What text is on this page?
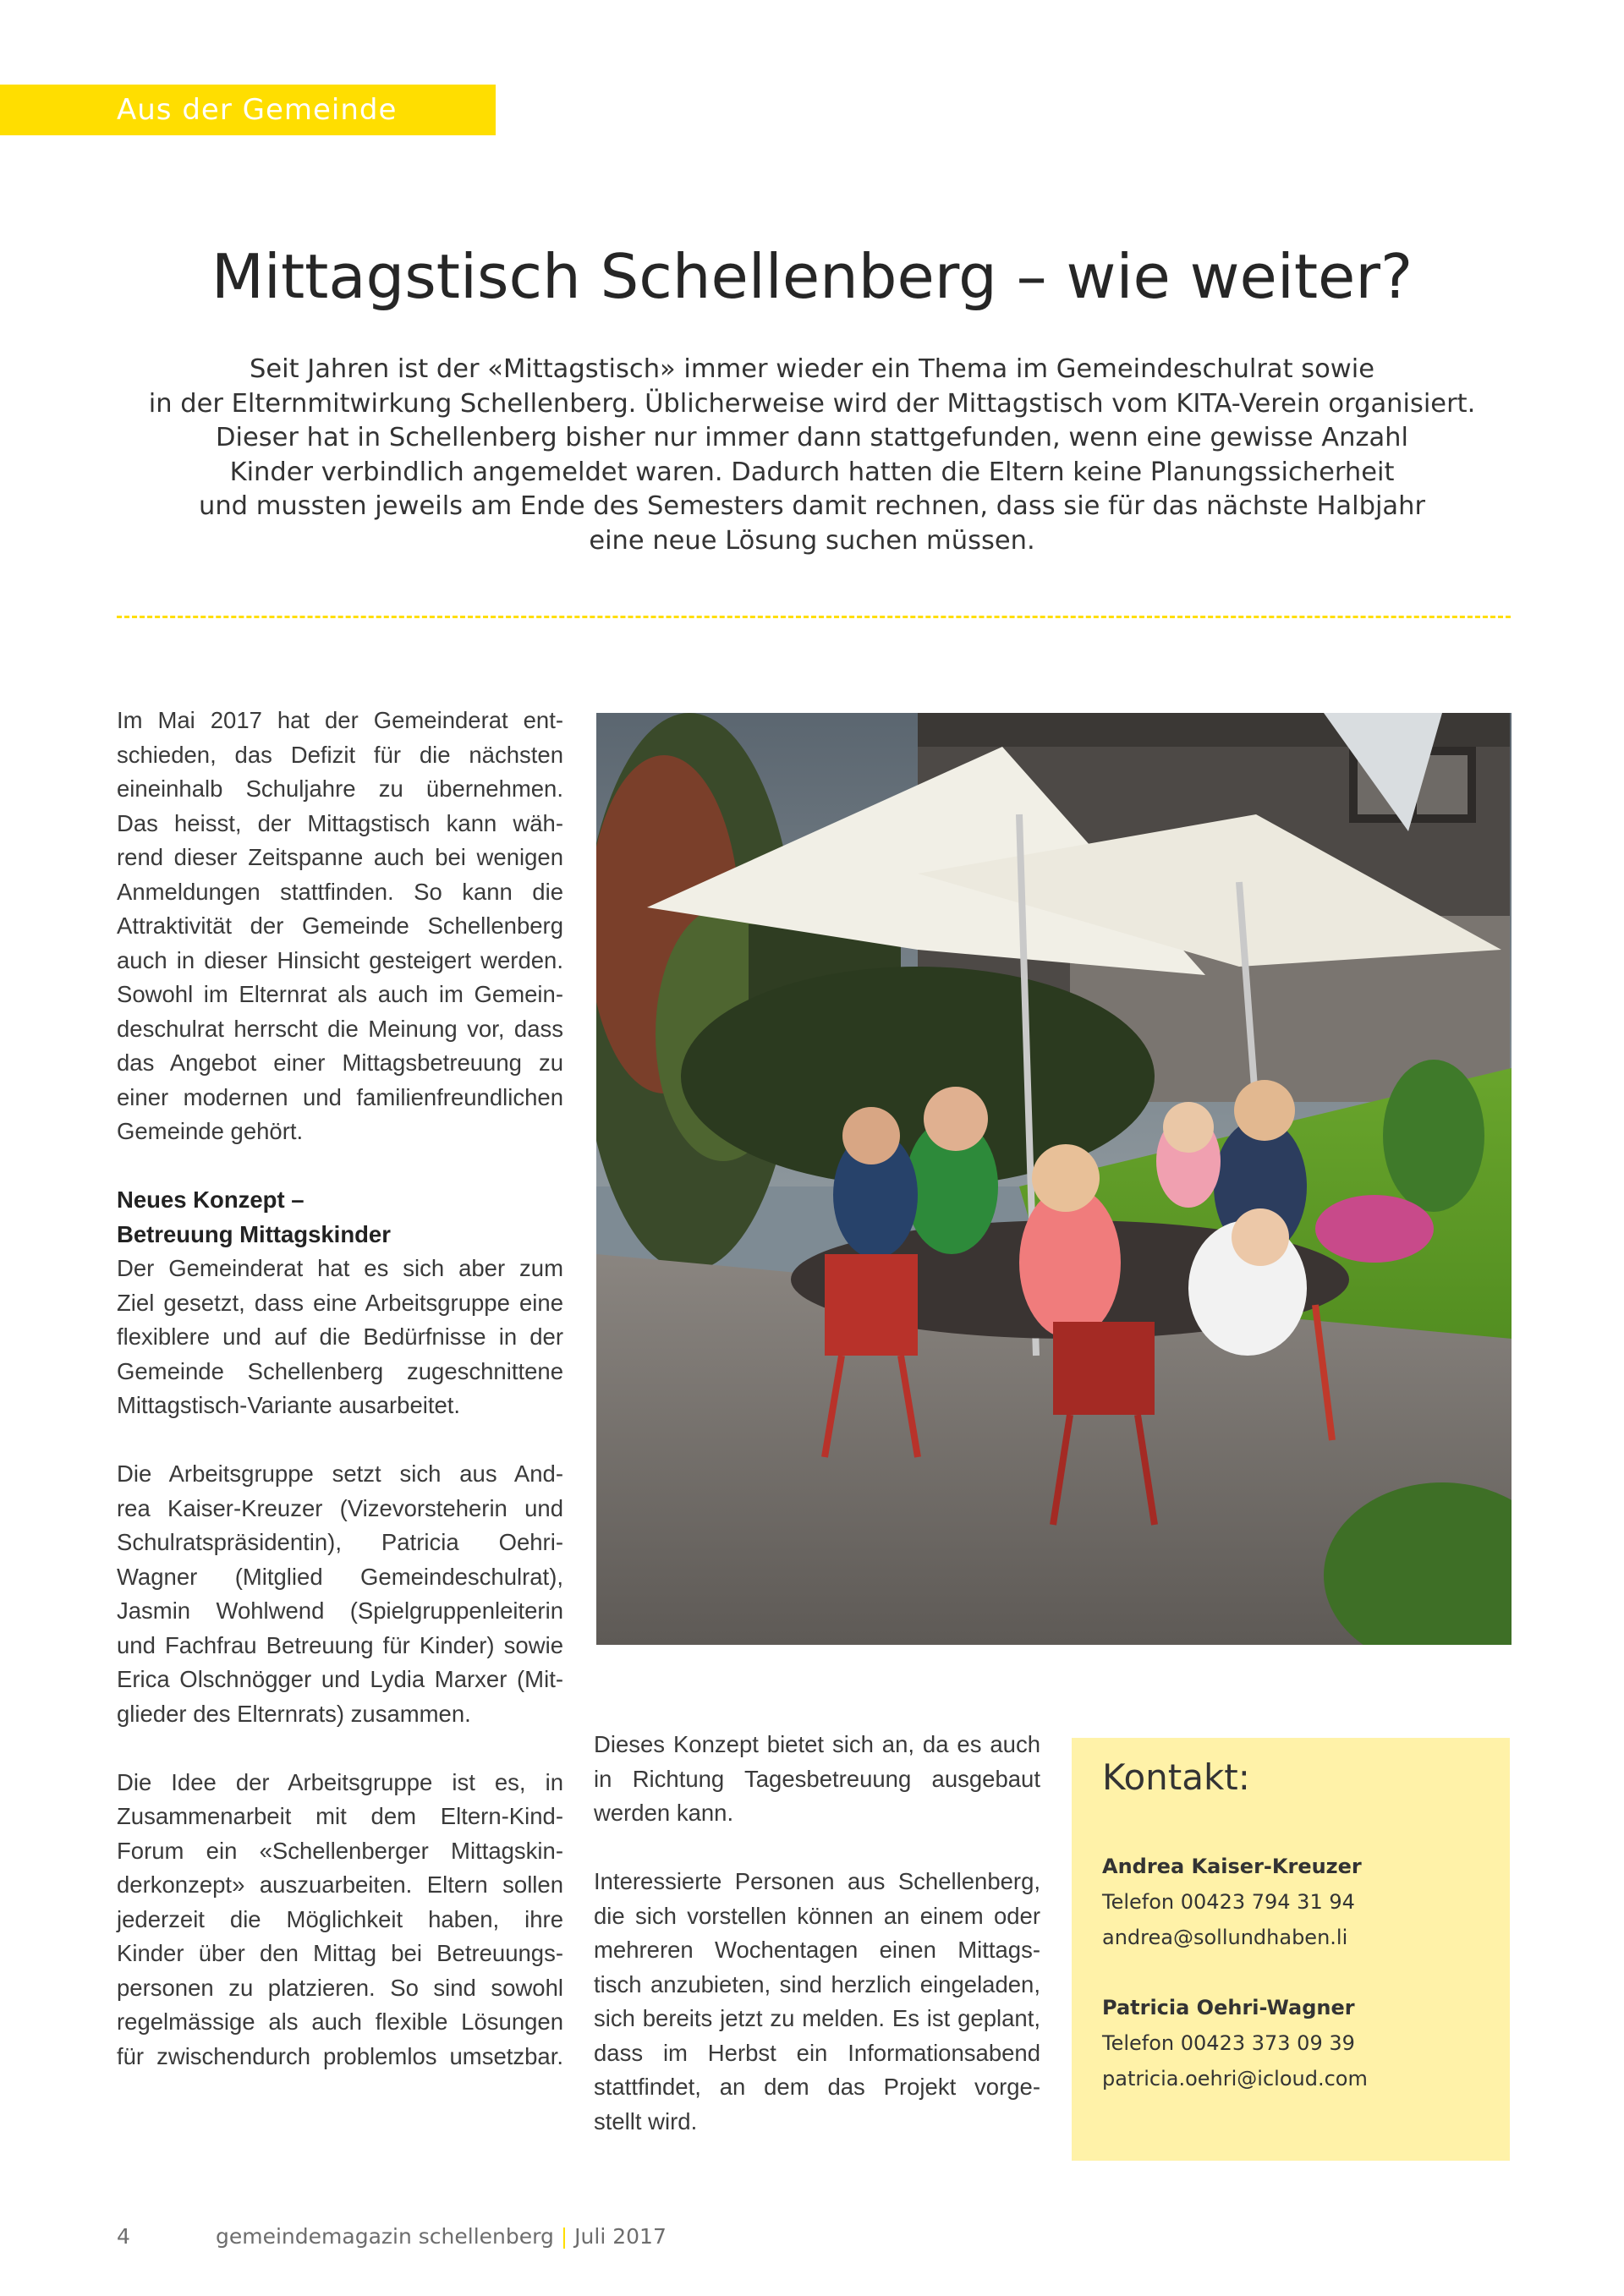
Aus der Gemeinde
Mittagstisch Schellenberg – wie weiter?
Seit Jahren ist der «Mittagstisch» immer wieder ein Thema im Gemeindeschulrat sowie
in der Elternmitwirkung Schellenberg. Üblicherweise wird der Mittagstisch vom KITA-Verein organisiert.
Dieser hat in Schellenberg bisher nur immer dann stattgefunden, wenn eine gewisse Anzahl
Kinder verbindlich angemeldet waren. Dadurch hatten die Eltern keine Planungssicherheit
und mussten jeweils am Ende des Semesters damit rechnen, dass sie für das nächste Halbjahr
eine neue Lösung suchen müssen.
Im Mai 2017 hat der Gemeinderat ent-
schieden, das Defizit für die nächsten
eineinhalb Schuljahre zu übernehmen.
Das heisst, der Mittagstisch kann wäh-
rend dieser Zeitspanne auch bei wenigen
Anmeldungen stattfinden. So kann die
Attraktivität der Gemeinde Schellenberg
auch in dieser Hinsicht gesteigert werden.
Sowohl im Elternrat als auch im Gemein-
deschulrat herrscht die Meinung vor, dass
das Angebot einer Mittagsbetreuung zu
einer modernen und familienfreundlichen
Gemeinde gehört.
Neues Konzept –
Betreuung Mittagskinder
Der Gemeinderat hat es sich aber zum
Ziel gesetzt, dass eine Arbeitsgruppe eine
flexiblere und auf die Bedürfnisse in der
Gemeinde Schellenberg zugeschnittene
Mittagstisch-Variante ausarbeitet.
Die Arbeitsgruppe setzt sich aus And-
rea Kaiser-Kreuzer (Vizevorsteherin und
Schulratspräsidentin), Patricia Oehri-
Wagner (Mitglied Gemeindeschulrat),
Jasmin Wohlwend (Spielgruppenleiterin
und Fachfrau Betreuung für Kinder) sowie
Erica Olschnögger und Lydia Marxer (Mit-
glieder des Elternrats) zusammen.
Die Idee der Arbeitsgruppe ist es, in
Zusammenarbeit mit dem Eltern-Kind-
Forum ein «Schellenberger Mittagskin-
derkonzept» auszuarbeiten. Eltern sollen
jederzeit die Möglichkeit haben, ihre
Kinder über den Mittag bei Betreuungs-
personen zu platzieren. So sind sowohl
regelmässige als auch flexible Lösungen
für zwischendurch problemlos umsetzbar.
Dieses Konzept bietet sich an, da es auch
in Richtung Tagesbetreuung ausgebaut
werden kann.
Interessierte Personen aus Schellenberg,
die sich vorstellen können an einem oder
mehreren Wochentagen einen Mittags-
tisch anzubieten, sind herzlich eingeladen,
sich bereits jetzt zu melden. Es ist geplant,
dass im Herbst ein Informationsabend
stattfindet, an dem das Projekt vorge-
stellt wird.
Kontakt:
Andrea Kaiser-Kreuzer
Telefon 00423 794 31 94
andrea@sollundhaben.li
Patricia Oehri-Wagner
Telefon 00423 373 09 39
patricia.oehri@icloud.com
4	gemeindemagazin schellenberg | Juli 2017
